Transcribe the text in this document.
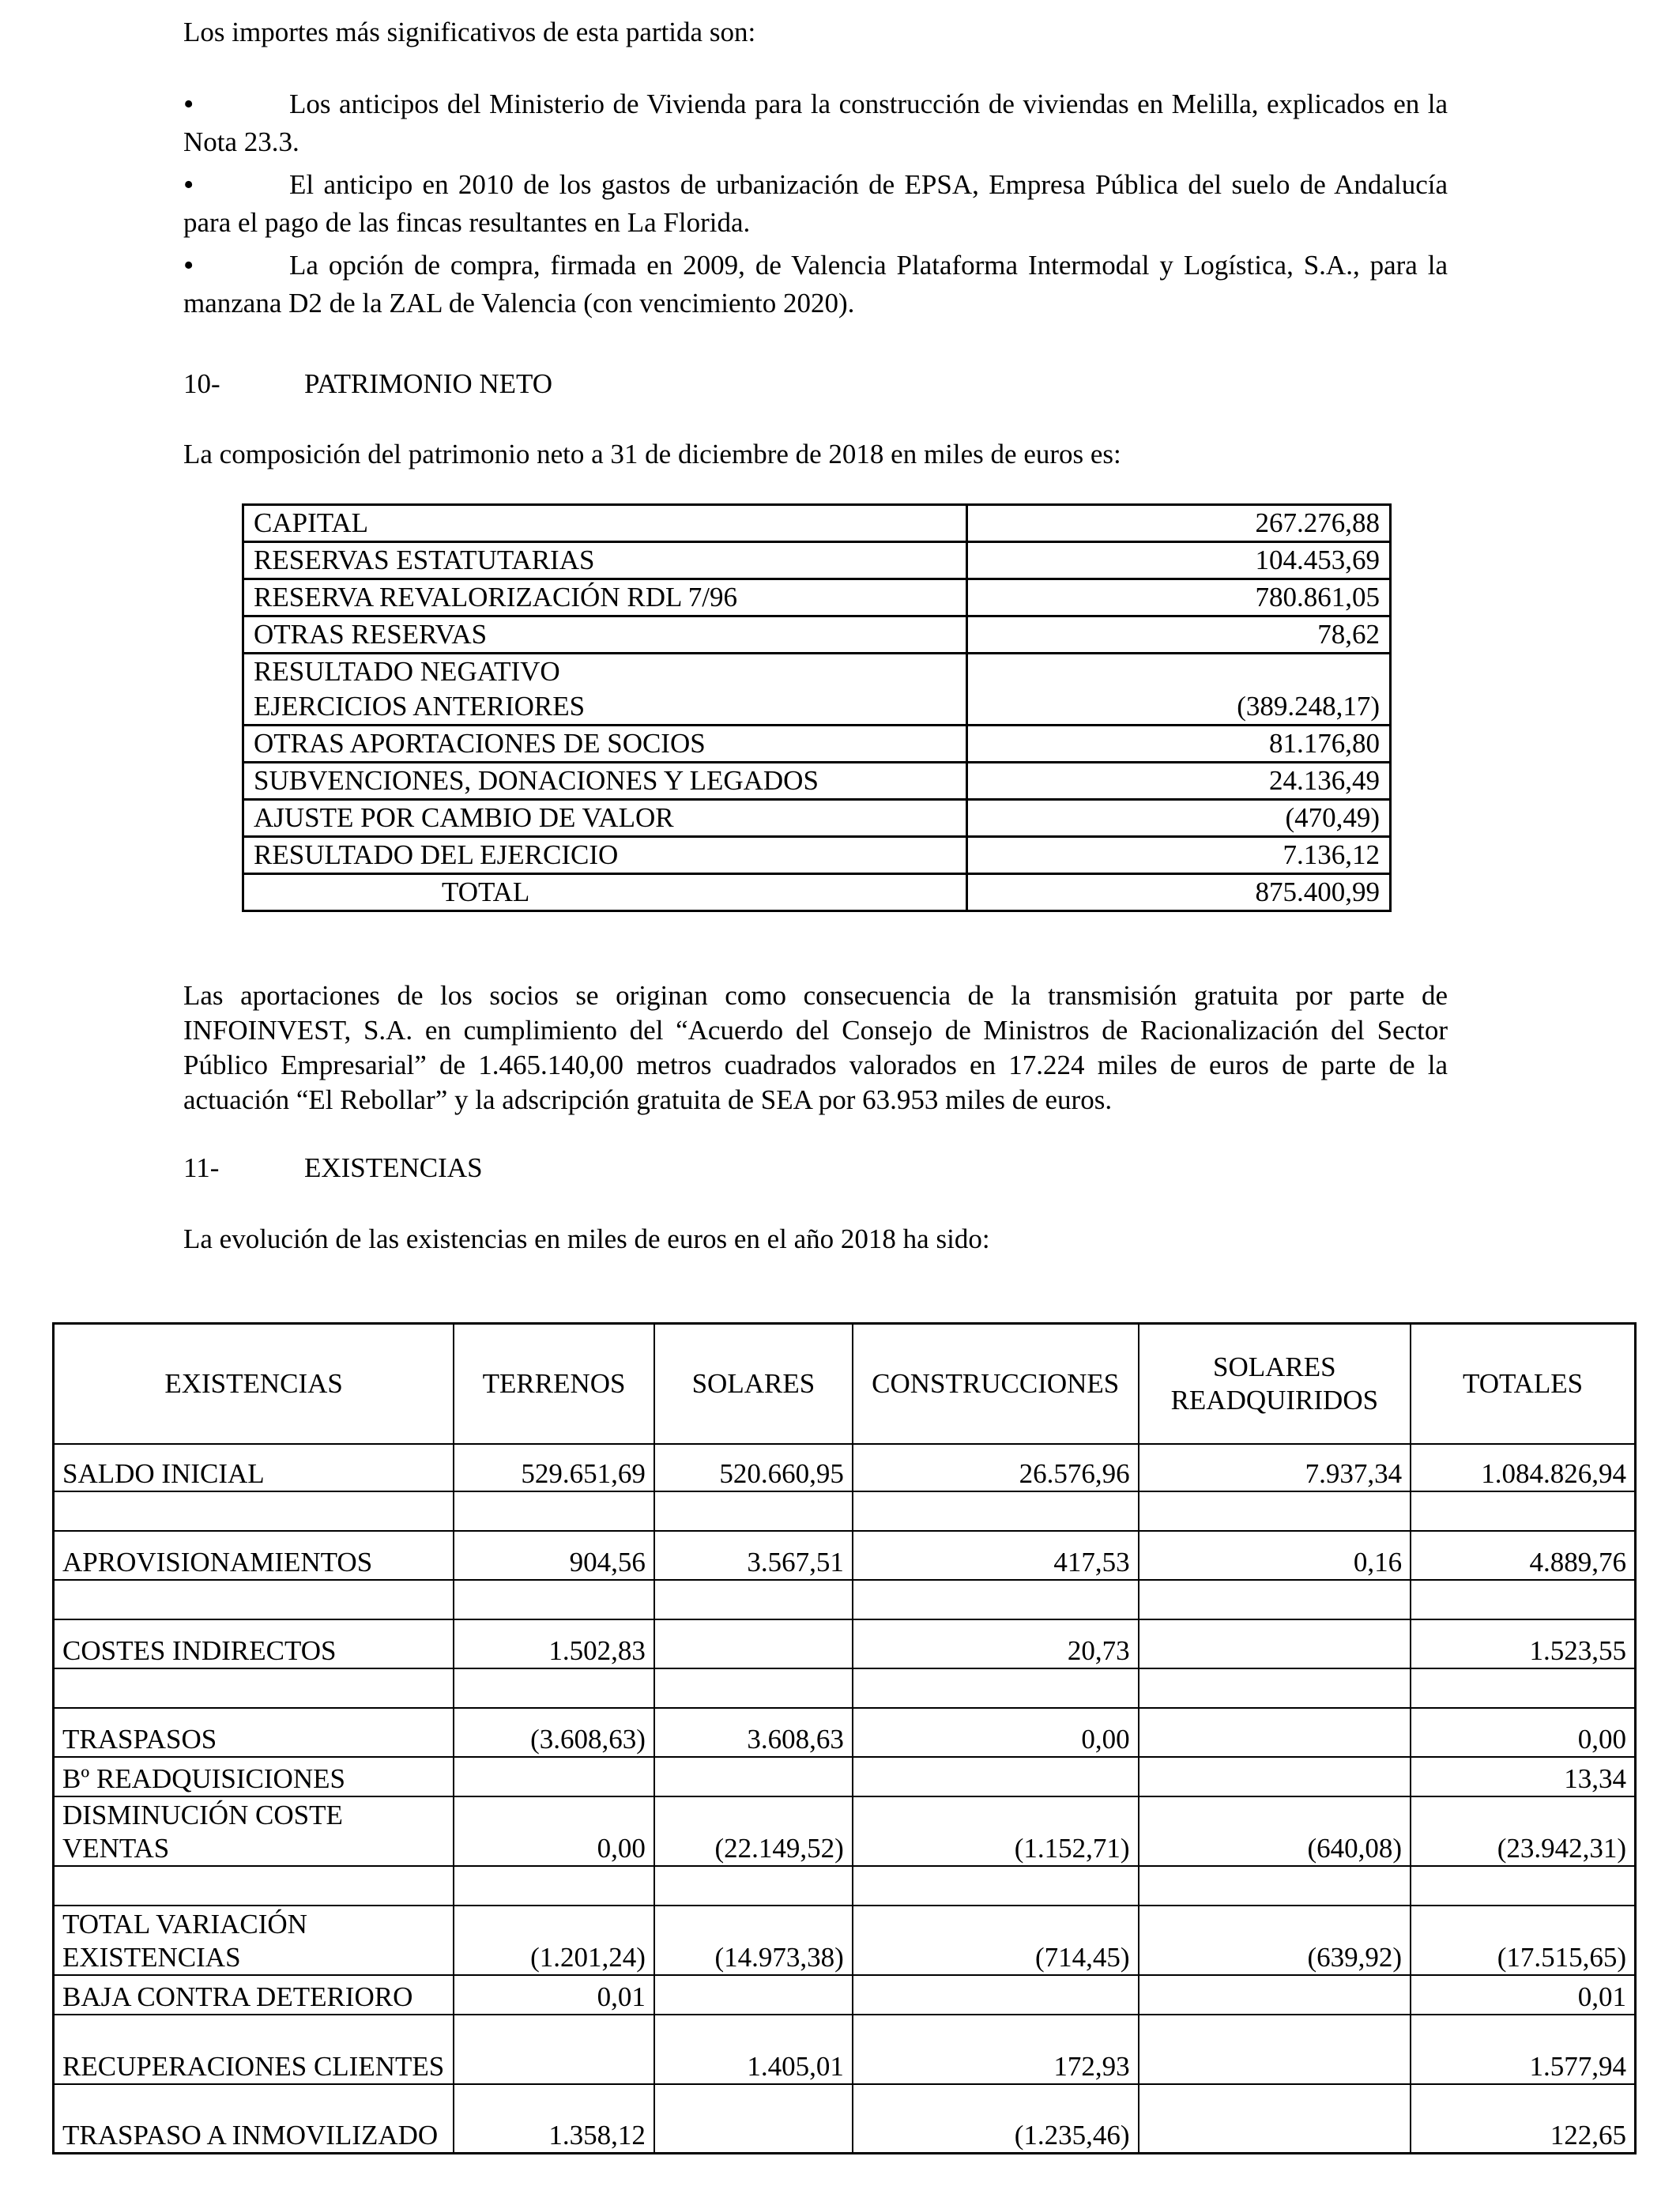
Los importes más significativos de esta partida son:
•	Los anticipos del Ministerio de Vivienda para la construcción de viviendas en Melilla, explicados en la Nota 23.3.
•	El anticipo en 2010 de los gastos de urbanización de EPSA, Empresa Pública del suelo de Andalucía para el pago de las fincas resultantes en La Florida.
•	La opción de compra, firmada en 2009, de Valencia Plataforma Intermodal y Logística, S.A., para la manzana D2 de la ZAL de Valencia (con vencimiento 2020).
10-	PATRIMONIO NETO
La composición del patrimonio neto a 31 de diciembre de 2018 en miles de euros es:
CAPITAL	267.276,88
RESERVAS ESTATUTARIAS	104.453,69
RESERVA REVALORIZACIÓN RDL 7/96	780.861,05
OTRAS RESERVAS	78,62
RESULTADO NEGATIVO EJERCICIOS ANTERIORES	(389.248,17)
OTRAS APORTACIONES DE SOCIOS	81.176,80
SUBVENCIONES, DONACIONES Y LEGADOS	24.136,49
AJUSTE POR CAMBIO DE VALOR	(470,49)
RESULTADO DEL EJERCICIO	7.136,12
TOTAL	875.400,99
Las aportaciones de los socios se originan como consecuencia de la transmisión gratuita por parte de INFOINVEST, S.A. en cumplimiento del “Acuerdo del Consejo de Ministros de Racionalización del Sector Público Empresarial” de 1.465.140,00 metros cuadrados valorados en 17.224 miles de euros de parte de la actuación “El Rebollar” y la adscripción gratuita de SEA por 63.953 miles de euros.
11-	EXISTENCIAS
La evolución de las existencias en miles de euros en el año 2018 ha sido:
EXISTENCIAS	TERRENOS	SOLARES	CONSTRUCCIONES	SOLARES READQUIRIDOS	TOTALES
SALDO INICIAL	529.651,69	520.660,95	26.576,96	7.937,34	1.084.826,94

APROVISIONAMIENTOS	904,56	3.567,51	417,53	0,16	4.889,76

COSTES INDIRECTOS	1.502,83		20,73		1.523,55

TRASPASOS	(3.608,63)	3.608,63	0,00		0,00
Bº READQUISICIONES					13,34
DISMINUCIÓN COSTE VENTAS	0,00	(22.149,52)	(1.152,71)	(640,08)	(23.942,31)

TOTAL VARIACIÓN EXISTENCIAS	(1.201,24)	(14.973,38)	(714,45)	(639,92)	(17.515,65)
BAJA CONTRA DETERIORO	0,01				0,01
RECUPERACIONES CLIENTES		1.405,01	172,93		1.577,94
TRASPASO A INMOVILIZADO	1.358,12		(1.235,46)		122,65
